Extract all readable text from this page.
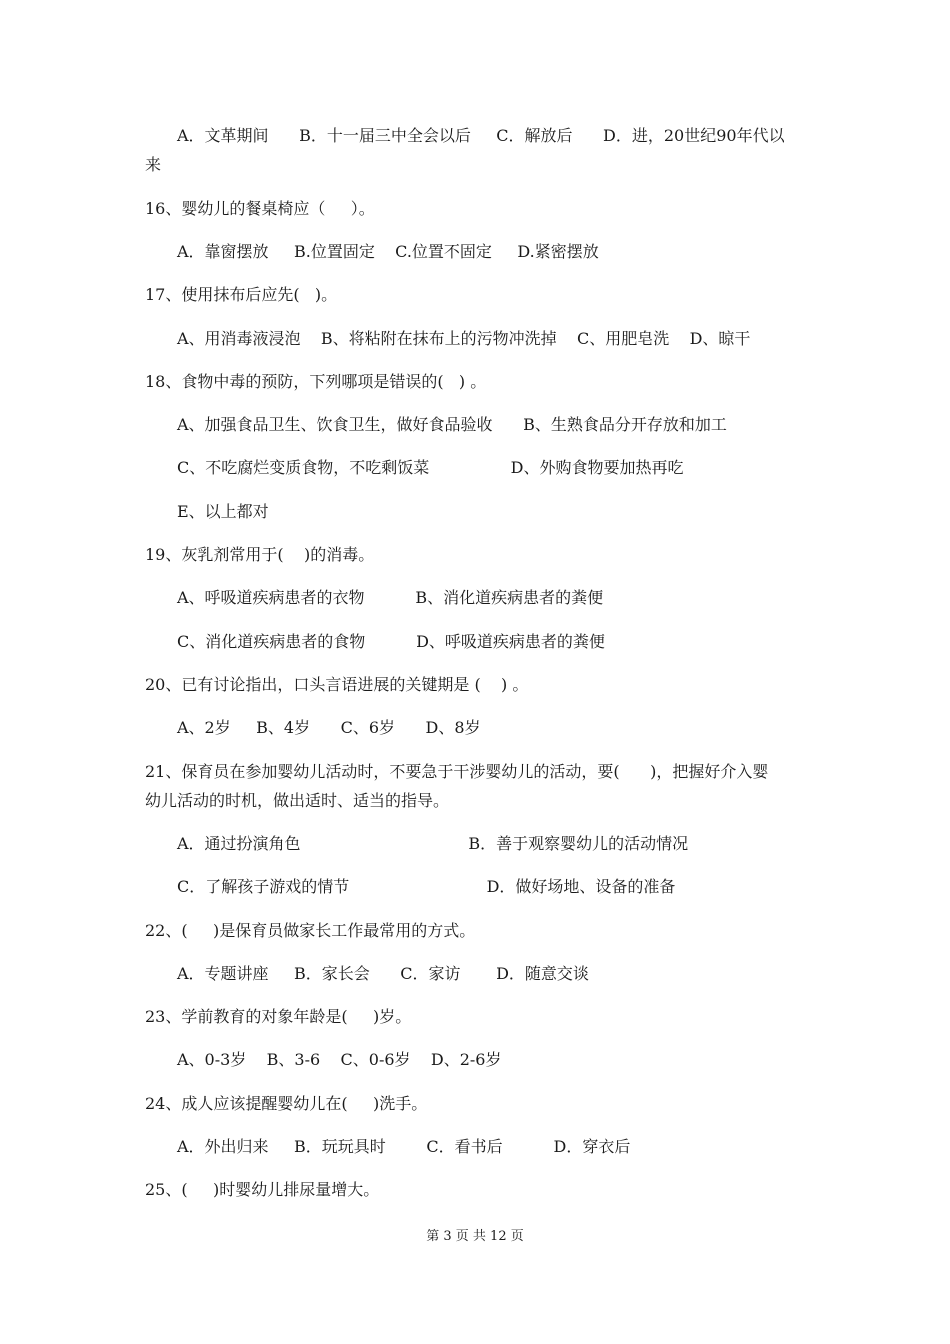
A．文革期间      B．十一届三中全会以后     C．解放后      D．进，20世纪90年代以
来
16、婴幼儿的餐桌椅应（     ）。
A．靠窗摆放     B.位置固定    C.位置不固定     D.紧密摆放
17、使用抹布后应先(   )。
A、用消毒液浸泡    B、将粘附在抹布上的污物冲洗掉    C、用肥皂洗    D、晾干
18、食物中毒的预防，下列哪项是错误的(   ) 。
A、加强食品卫生、饮食卫生，做好食品验收      B、生熟食品分开存放和加工
C、不吃腐烂变质食物，不吃剩饭菜                D、外购食物要加热再吃
E、以上都对
19、灰乳剂常用于(    )的消毒。
A、呼吸道疾病患者的衣物          B、消化道疾病患者的粪便
C、消化道疾病患者的食物          D、呼吸道疾病患者的粪便
20、已有讨论指出，口头言语进展的关键期是 (    ) 。
A、2岁     B、4岁      C、6岁      D、8岁
21、保育员在参加婴幼儿活动时，不要急于干涉婴幼儿的活动，要(      )，把握好介入婴
幼儿活动的时机，做出适时、适当的指导。
A．通过扮演角色                                 B．善于观察婴幼儿的活动情况
C．了解孩子游戏的情节                           D．做好场地、设备的准备
22、(     )是保育员做家长工作最常用的方式。
A．专题讲座     B．家长会      C．家访       D．随意交谈
23、学前教育的对象年龄是(     )岁。
A、0-3岁    B、3-6    C、0-6岁    D、2-6岁
24、成人应该提醒婴幼儿在(     )洗手。
A．外出归来     B．玩玩具时        C．看书后          D．穿衣后
25、(     )时婴幼儿排尿量增大。
第 3 页 共 12 页
